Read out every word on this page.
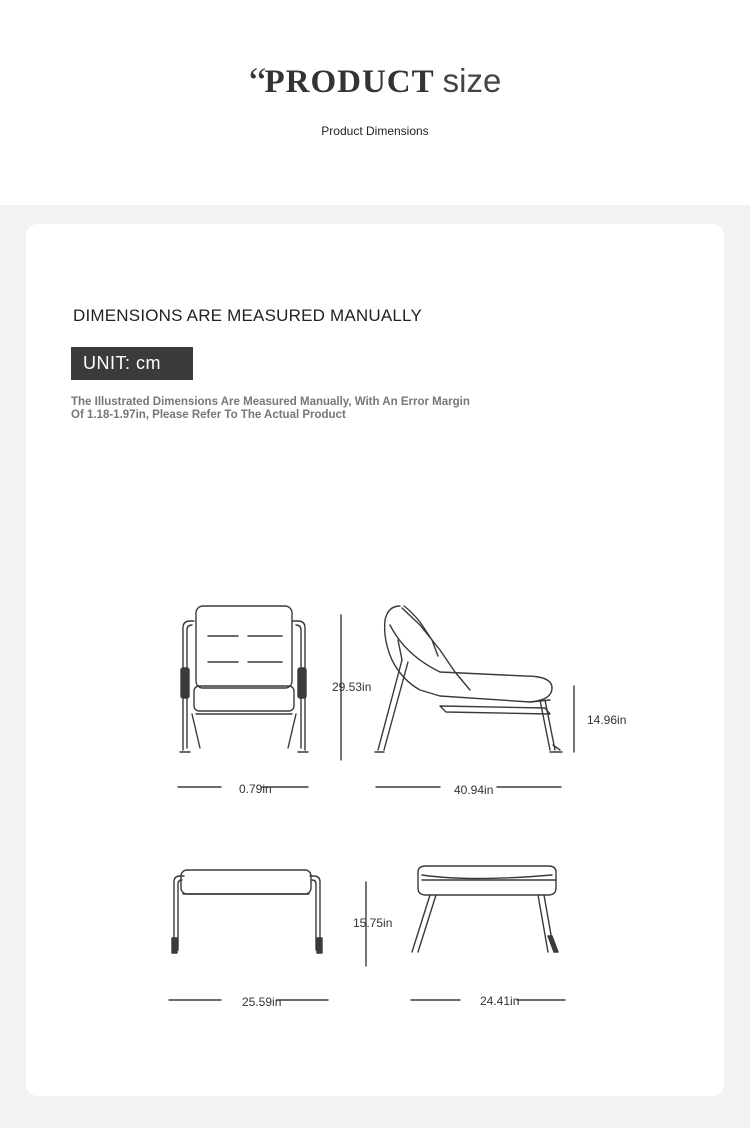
“PRODUCT size
Product Dimensions
DIMENSIONS ARE MEASURED MANUALLY
UNIT: cm
The Illustrated Dimensions Are Measured Manually, With An Error Margin
Of 1.18-1.97in, Please Refer To The Actual Product
0.79in
29.53in
40.94in
14.96in
25.59in
15.75in
24.41in
